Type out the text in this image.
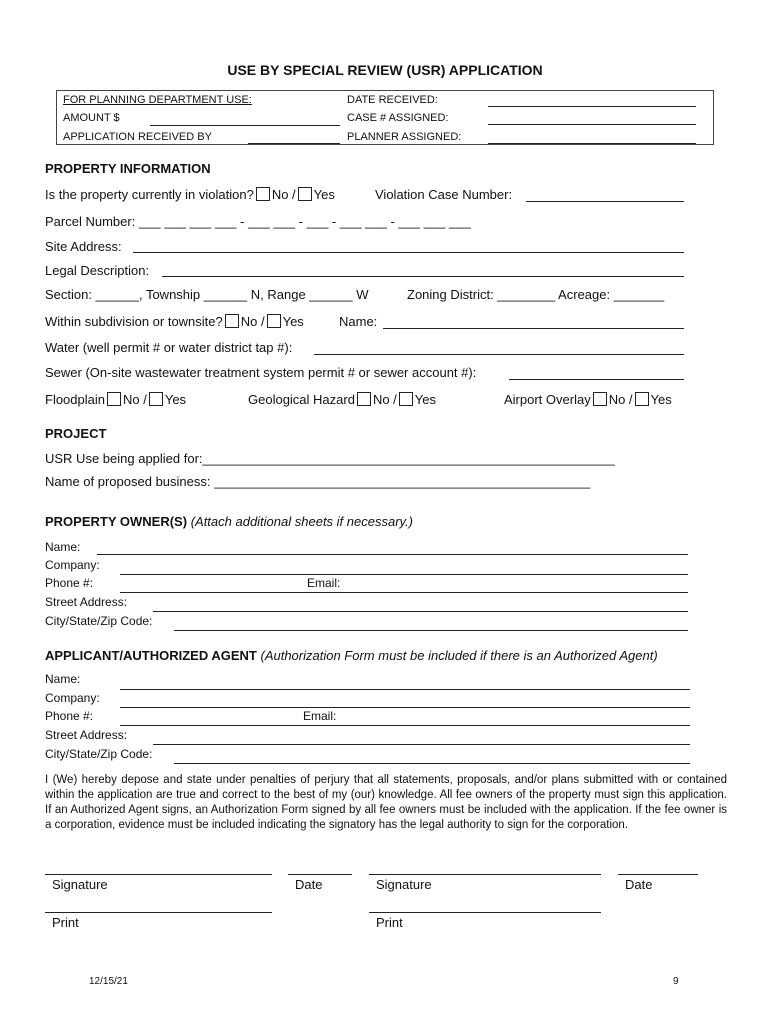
USE BY SPECIAL REVIEW (USR) APPLICATION
FOR PLANNING DEPARTMENT USE:
AMOUNT $
APPLICATION RECEIVED BY
DATE RECEIVED:
CASE # ASSIGNED:
PLANNER ASSIGNED:
PROPERTY INFORMATION
Is the property currently in violation? No / Yes	Violation Case Number:
Parcel Number: ___ ___ ___ ___ - ___ ___ - ___ - ___ ___ - ___ ___ ___
Site Address:
Legal Description:
Section: ______, Township ______ N, Range ______ W	Zoning District: ________ Acreage: _______
Within subdivision or townsite? No / Yes	Name:
Water (well permit # or water district tap #):
Sewer (On-site wastewater treatment system permit # or sewer account #):
Floodplain No / Yes	Geological Hazard No / Yes	Airport Overlay No / Yes
PROJECT
USR Use being applied for:_________________________________________________________
Name of proposed business: ____________________________________________________
PROPERTY OWNER(S) (Attach additional sheets if necessary.)
Name:
Company:
Phone #:	Email:
Street Address:
City/State/Zip Code:
APPLICANT/AUTHORIZED AGENT (Authorization Form must be included if there is an Authorized Agent)
Name:
Company:
Phone #:	Email:
Street Address:
City/State/Zip Code:
I (We) hereby depose and state under penalties of perjury that all statements, proposals, and/or plans submitted with or contained within the application are true and correct to the best of my (our) knowledge. All fee owners of the property must sign this application. If an Authorized Agent signs, an Authorization Form signed by all fee owners must be included with the application. If the fee owner is a corporation, evidence must be included indicating the signatory has the legal authority to sign for the corporation.
Signature	Date	Signature	Date
Print	Print
12/15/21	9
